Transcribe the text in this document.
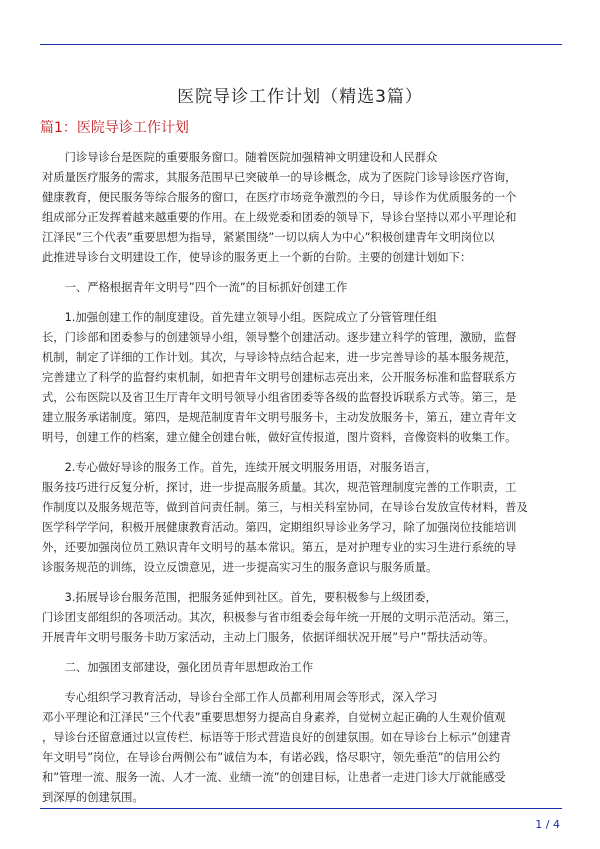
医院导诊工作计划（精选3篇）
篇1：医院导诊工作计划

　　门诊导诊台是医院的重要服务窗口。随着医院加强精神文明建设和人民群众

对质量医疗服务的需求，其服务范围早已突破单一的导诊概念，成为了医院门诊导诊医疗咨询，

健康教育，便民服务等综合服务的窗口，在医疗市场竞争激烈的今日，导诊作为优质服务的一个

组成部分正发挥着越来越重要的作用。在上级党委和团委的领导下，导诊台坚持以邓小平理论和

江泽民”三个代表”重要思想为指导，紧紧围绕”一切以病人为中心”积极创建青年文明岗位以

此推进导诊台文明建设工作，使导诊的服务更上一个新的台阶。主要的创建计划如下：

　　一、严格根据青年文明号”四个一流”的目标抓好创建工作

　　1.加强创建工作的制度建设。首先建立领导小组。医院成立了分管管理任组

长，门诊部和团委参与的创建领导小组，领导整个创建活动。逐步建立科学的管理，激励，监督

机制，制定了详细的工作计划。其次，与导诊特点结合起来，进一步完善导诊的基本服务规范，

完善建立了科学的监督约束机制，如把青年文明号创建标志亮出来，公开服务标准和监督联系方

式，公布医院以及省卫生厅青年文明号领导小组省团委等各级的监督投诉联系方式等。第三，是

建立服务承诺制度。第四，是规范制度青年文明号服务卡，主动发放服务卡，第五，建立青年文

明号，创建工作的档案，建立健全创建台帐，做好宣传报道，图片资料，音像资料的收集工作。

　　2.专心做好导诊的服务工作。首先，连续开展文明服务用语，对服务语言，

服务技巧进行反复分析，探讨，进一步提高服务质量。其次，规范管理制度完善的工作职责，工

作制度以及服务规范等，做到首问责任制。第三，与相关科室协同，在导诊台发放宣传材料，普及

医学科学学问，积极开展健康教育活动。第四，定期组织导诊业务学习，除了加强岗位技能培训

外，还要加强岗位员工熟识青年文明号的基本常识。第五，是对护理专业的实习生进行系统的导

诊服务规范的训练，设立反馈意见，进一步提高实习生的服务意识与服务质量。

　　3.拓展导诊台服务范围，把服务延伸到社区。首先，要积极参与上级团委，

门诊团支部组织的各项活动。其次，积极参与省市组委会每年统一开展的文明示范活动。第三，

开展青年文明号服务卡助万家活动，主动上门服务，依据详细状况开展”号户”帮扶活动等。

　　二、加强团支部建设，强化团员青年思想政治工作

　　专心组织学习教育活动，导诊台全部工作人员都利用周会等形式，深入学习

邓小平理论和江泽民”三个代表”重要思想努力提高自身素养，自觉树立起正确的人生观价值观

，导诊台还留意通过以宣传栏、标语等于形式营造良好的创建氛围。如在导诊台上标示”创建青

年文明号”岗位，在导诊台两侧公布”诚信为本，有诺必践，恪尽职守，领先垂范”的信用公约

和”管理一流、服务一流、人才一流、业绩一流”的创建目标，让患者一走进门诊大厅就能感受

到深厚的创建氛围。

1 / 4
